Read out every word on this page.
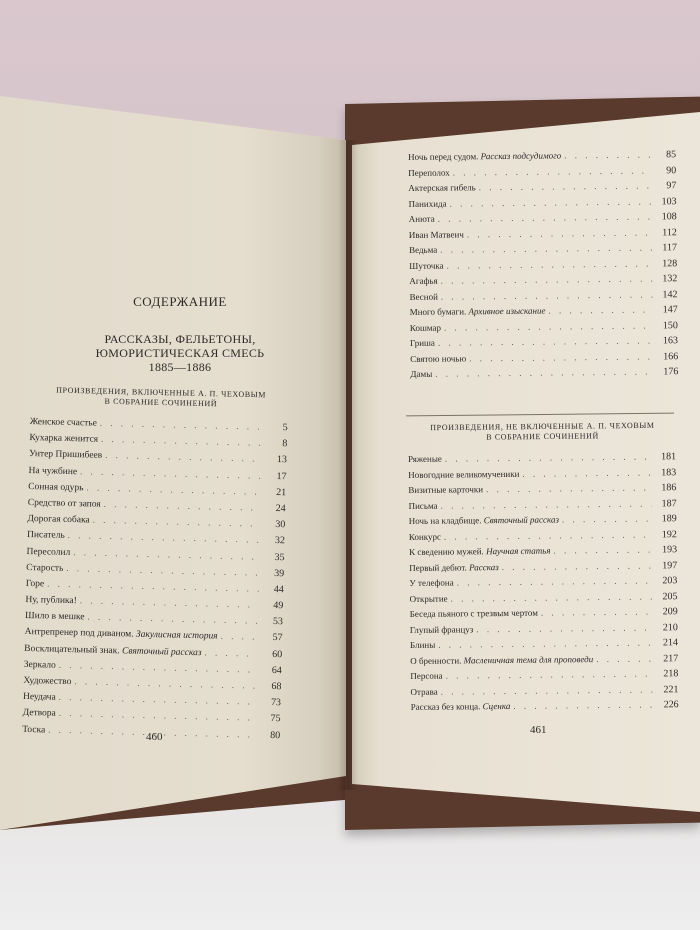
СОДЕРЖАНИЕ
РАССКАЗЫ, ФЕЛЬЕТОНЫ,
ЮМОРИСТИЧЕСКАЯ СМЕСЬ
1885—1886
ПРОИЗВЕДЕНИЯ, ВКЛЮЧЕННЫЕ А. П. ЧЕХОВЫМ
В СОБРАНИЕ СОЧИНЕНИЙ
Женское счастье . . .	5
Кухарка женится . . .	8
Унтер Пришибеев . . .	13
На чужбине . . .	17
Сонная одурь . . .	21
Средство от запоя . . .	24
Дорогая собака . . .	30
Писатель . . .	32
Пересолил . . .	35
Старость . . .	39
Горе . . .	44
Ну, публика! . . .	49
Шило в мешке . . .	53
Антрепренер под диваном. Закулисная история . . .	57
Восклицательный знак. Святочный рассказ . . .	60
Зеркало . . .	64
Художество . . .	68
Неудача . . .	73
Детвора . . .	75
Тоска . . .	80
460
Ночь перед судом. Рассказ подсудимого . . .	85
Переполох . . .	90
Актерская гибель . . .	97
Панихида . . .	103
Анюта . . .	108
Иван Матвеич . . .	112
Ведьма . . .	117
Шуточка . . .	128
Агафья . . .	132
Весной . . .	142
Много бумаги. Архивное изыскание . . .	147
Кошмар . . .	150
Гриша . . .	163
Святою ночью . . .	166
Дамы . . .	176
ПРОИЗВЕДЕНИЯ, НЕ ВКЛЮЧЕННЫЕ А. П. ЧЕХОВЫМ
В СОБРАНИЕ СОЧИНЕНИЙ
Ряженые . . .	181
Новогодние великомученики . . .	183
Визитные карточки . . .	186
Письма . . .	187
Ночь на кладбище. Святочный рассказ . . .	189
Конкурс . . .	192
К сведению мужей. Научная статья . . .	193
Первый дебют. Рассказ . . .	197
У телефона . . .	203
Открытие . . .	205
Беседа пьяного с трезвым чертом . . .	209
Глупый француз . . .	210
Блины . . .	214
О бренности. Масленичная тема для проповеди . . .	217
Персона . . .	218
Отрава . . .	221
Рассказ без конца. Сценка . . .	226
461
